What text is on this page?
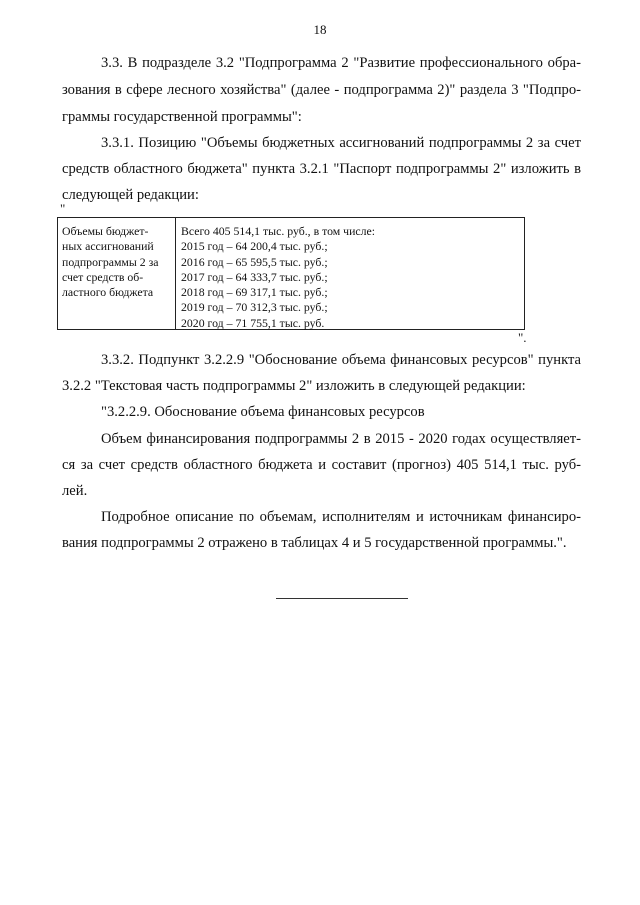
18
3.3. В подразделе 3.2 "Подпрограмма 2 "Развитие профессионального обра-
зования в сфере лесного хозяйства" (далее - подпрограмма 2)" раздела 3 "Подпро-
граммы государственной программы":
3.3.1. Позицию "Объемы бюджетных ассигнований подпрограммы 2 за счет
средств областного бюджета" пункта 3.2.1 "Паспорт подпрограммы 2" изложить в
следующей редакции:
"
Объемы бюджет-
ных ассигнований
подпрограммы 2 за
счет средств об-
ластного бюджета
Всего 405 514,1 тыс. руб., в том числе:
2015 год – 64 200,4 тыс. руб.;
2016 год – 65 595,5 тыс. руб.;
2017 год – 64 333,7 тыс. руб.;
2018 год – 69 317,1 тыс. руб.;
2019 год – 70 312,3 тыс. руб.;
2020 год – 71 755,1 тыс. руб.
".
3.3.2. Подпункт 3.2.2.9 "Обоснование объема финансовых ресурсов" пункта
3.2.2 "Текстовая часть подпрограммы 2" изложить в следующей редакции:
"3.2.2.9. Обоснование объема финансовых ресурсов
Объем финансирования подпрограммы 2 в 2015 - 2020 годах осуществляет-
ся за счет средств областного бюджета и составит (прогноз) 405 514,1 тыс. руб-
лей.
Подробное описание по объемам, исполнителям и источникам финансиро-
вания подпрограммы 2 отражено в таблицах 4 и 5 государственной программы.".
